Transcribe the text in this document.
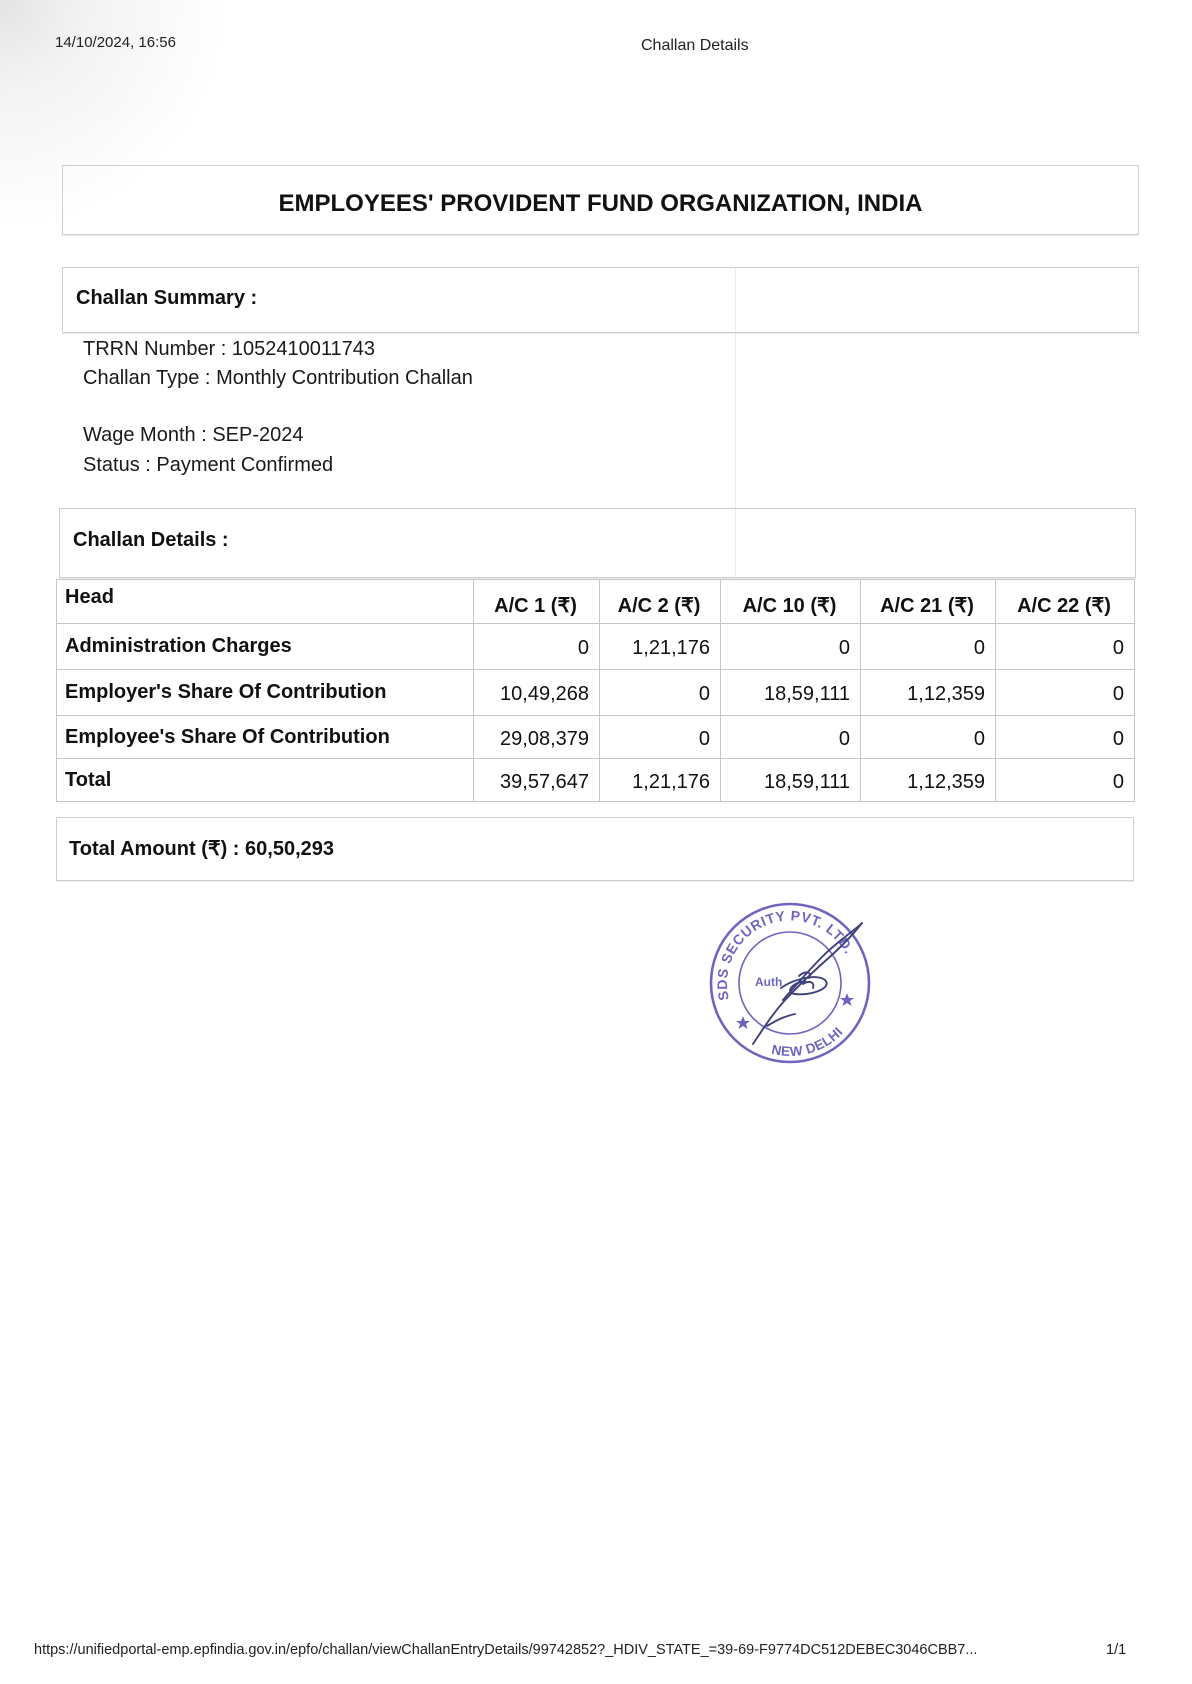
14/10/2024, 16:56	Challan Details
EMPLOYEES' PROVIDENT FUND ORGANIZATION, INDIA
Challan Summary :
TRRN Number : 1052410011743
Challan Type : Monthly Contribution Challan
Wage Month : SEP-2024
Status : Payment Confirmed
Challan Details :
Head	A/C 1 (₹)	A/C 2 (₹)	A/C 10 (₹)	A/C 21 (₹)	A/C 22 (₹)
Administration Charges	0	1,21,176	0	0	0
Employer's Share Of Contribution	10,49,268	0	18,59,111	1,12,359	0
Employee's Share Of Contribution	29,08,379	0	0	0	0
Total	39,57,647	1,21,176	18,59,111	1,12,359	0
Total Amount (₹) : 60,50,293
SDS SECURITY PVT. LTD.
NEW DELHI
Auth
https://unifiedportal-emp.epfindia.gov.in/epfo/challan/viewChallanEntryDetails/99742852?_HDIV_STATE_=39-69-F9774DC512DEBEC3046CBB7...	1/1
